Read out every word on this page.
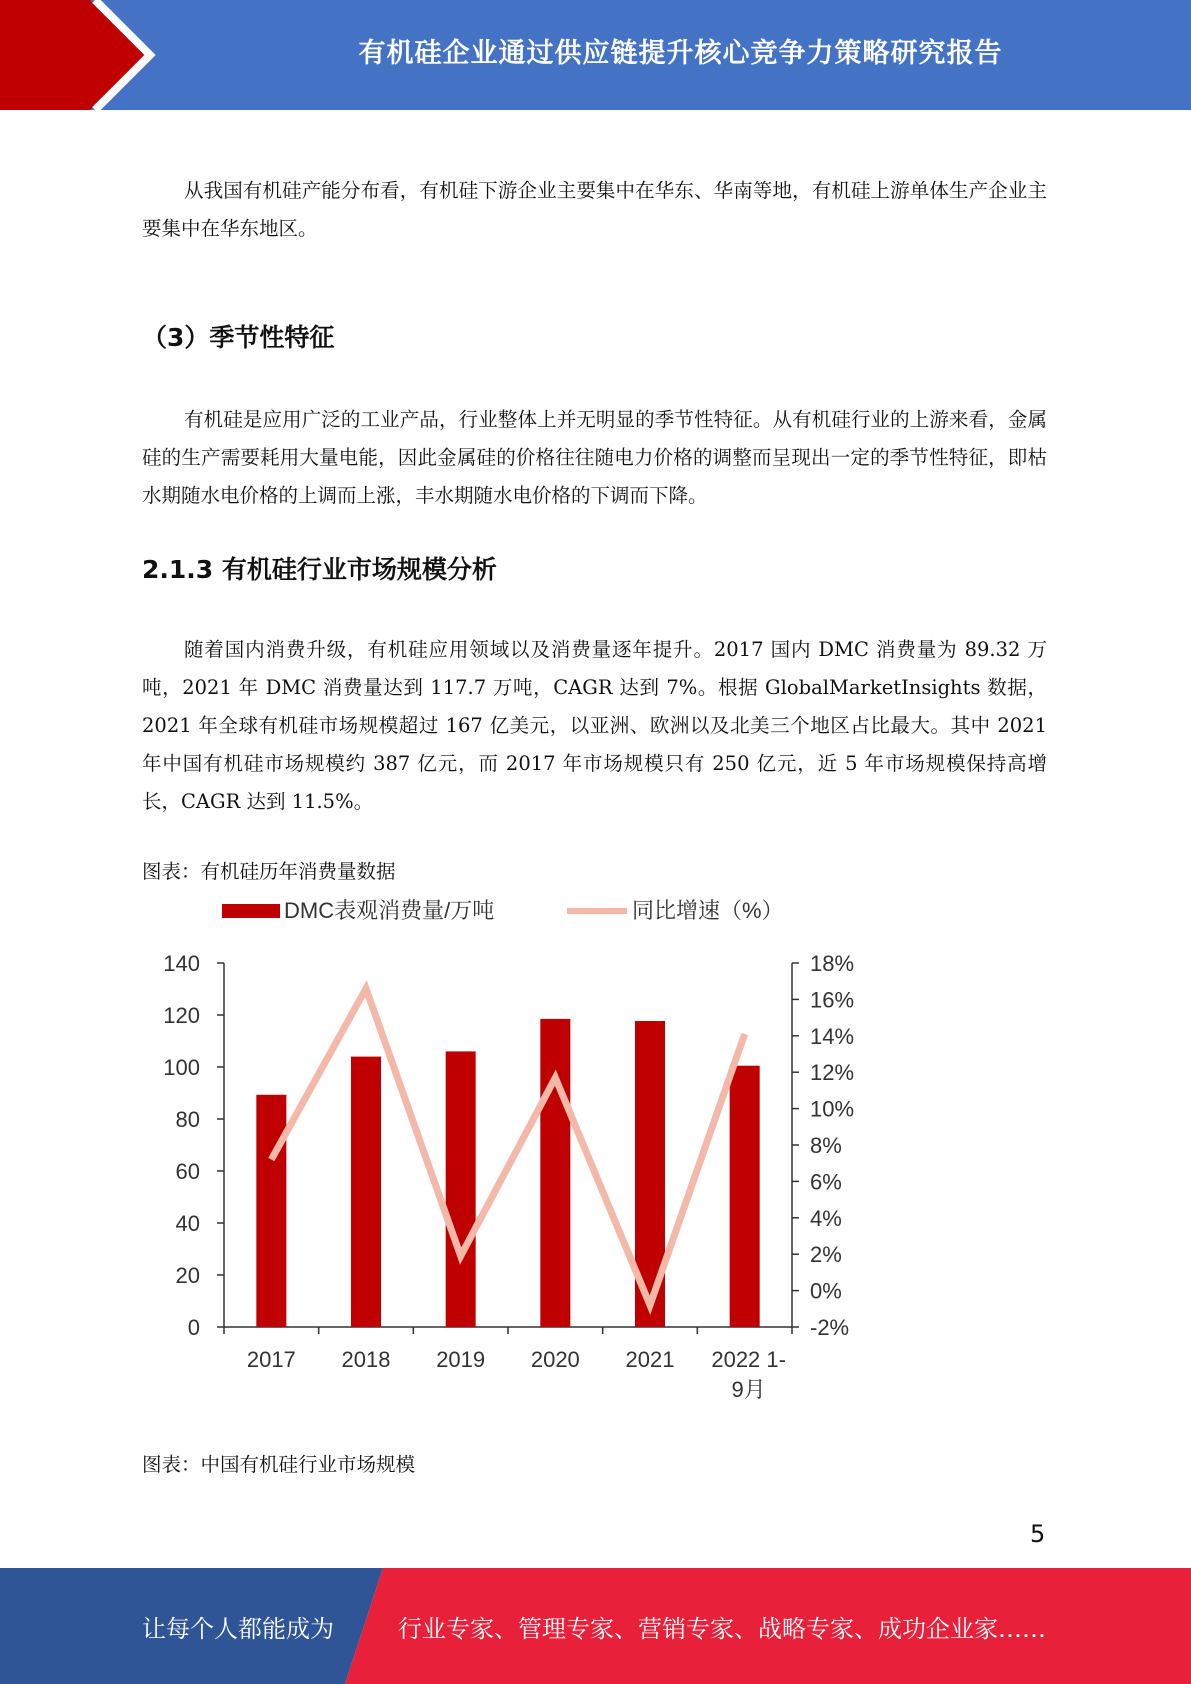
有机硅企业通过供应链提升核心竞争力策略研究报告

从我国有机硅产能分布看，有机硅下游企业主要集中在华东、华南等地，有机硅上游单体生产企业主要集中在华东地区。

（3）季节性特征

有机硅是应用广泛的工业产品，行业整体上并无明显的季节性特征。从有机硅行业的上游来看，金属硅的生产需要耗用大量电能，因此金属硅的价格往往随电力价格的调整而呈现出一定的季节性特征，即枯水期随水电价格的上调而上涨，丰水期随水电价格的下调而下降。

2.1.3 有机硅行业市场规模分析

随着国内消费升级，有机硅应用领域以及消费量逐年提升。2017 国内 DMC 消费量为 89.32 万吨，2021 年 DMC 消费量达到 117.7 万吨，CAGR 达到 7%。根据 GlobalMarketInsights 数据，2021 年全球有机硅市场规模超过 167 亿美元，以亚洲、欧洲以及北美三个地区占比最大。其中 2021 年中国有机硅市场规模约 387 亿元，而 2017 年市场规模只有 250 亿元，近 5 年市场规模保持高增长，CAGR 达到 11.5%。

图表：有机硅历年消费量数据

DMC表观消费量/万吨	同比增速（%）
0
20
40
60
80
100
120
140
-2%
0%
2%
4%
6%
8%
10%
12%
14%
16%
18%
2017 2018 2019 2020 2021 2022 1-
9月

图表：中国有机硅行业市场规模

5
让每个人都能成为	行业专家、管理专家、营销专家、战略专家、成功企业家……
